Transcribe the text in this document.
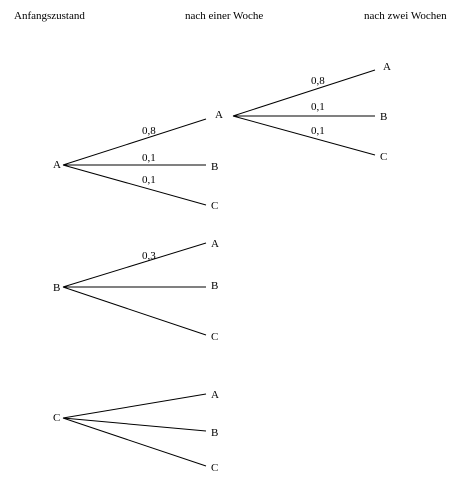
Anfangszustand	nach einer Woche	nach zwei Wochen
A
A
B
C
0,8
0,1
0,1
A
B
C
0,8
0,1
0,1
B
A
B
C
0,3
C
A
B
C
